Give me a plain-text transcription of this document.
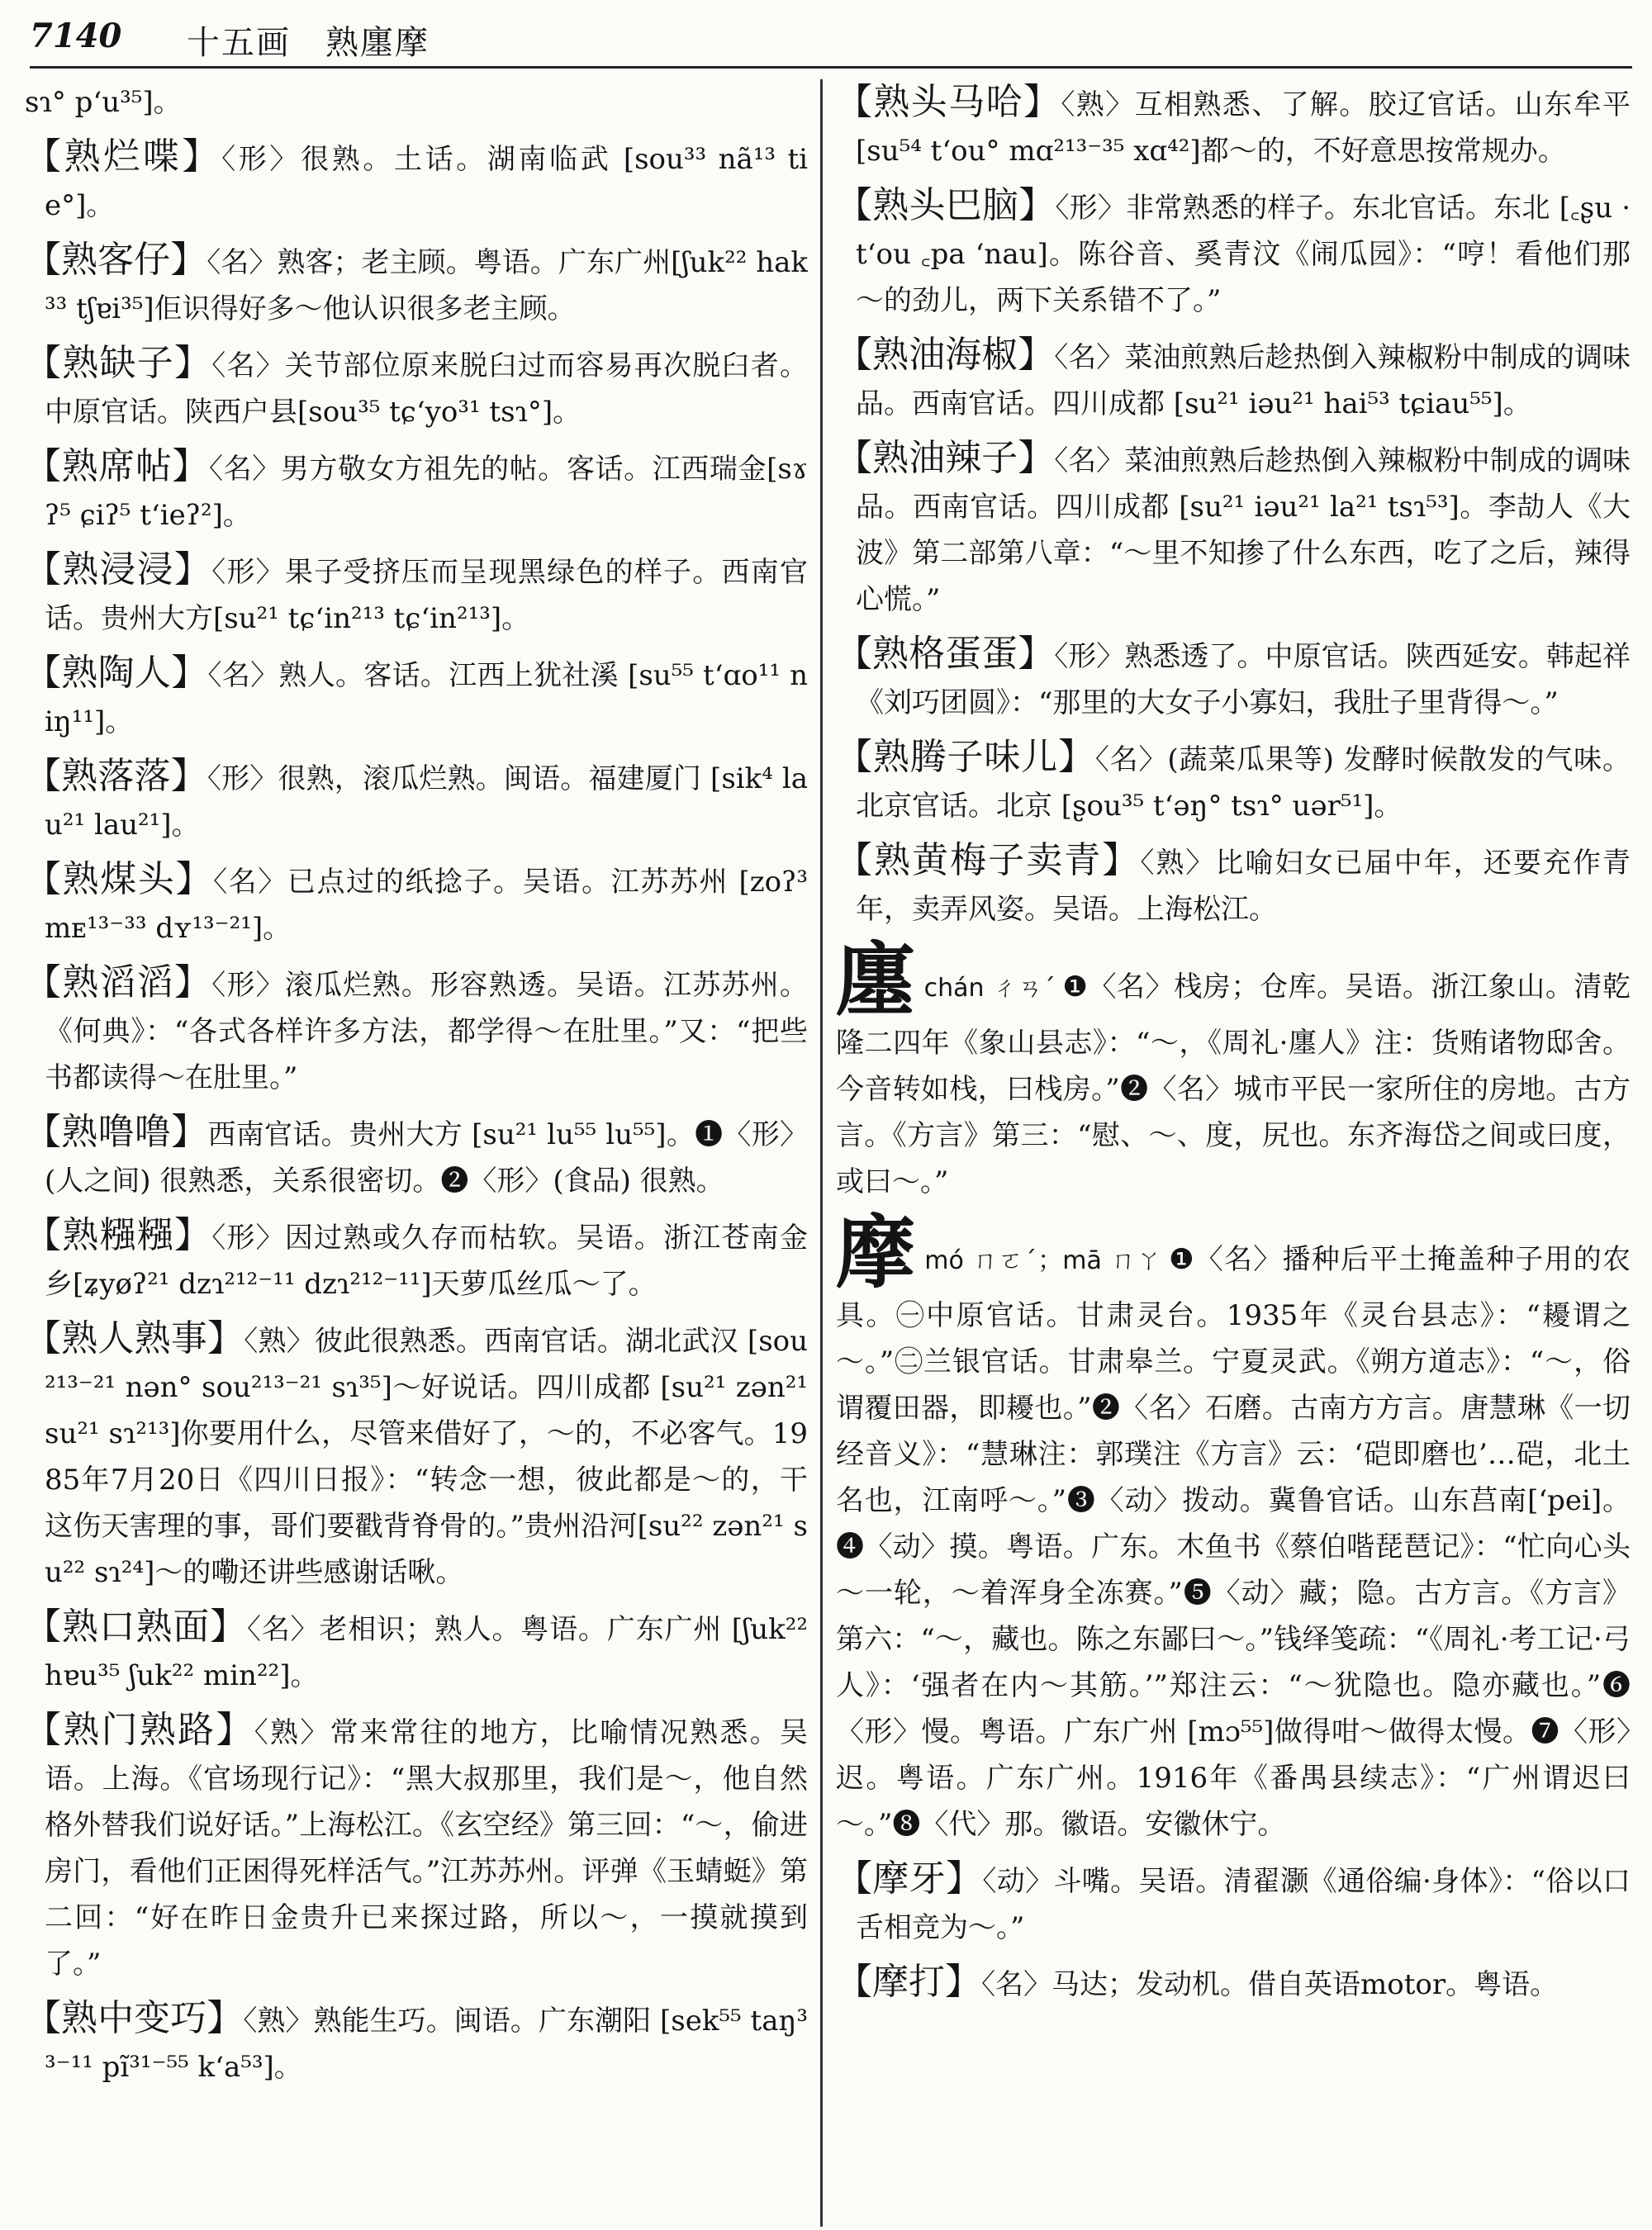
7140 十五画　熟廛摩
sɿ° p‘u³⁵]。
【熟烂喋】〈形〉很熟。土话。湖南临武 [sou³³ nã¹³ tie°]。
【熟客仔】〈名〉熟客；老主顾。粤语。广东广州[ʃuk²² hak³³ tʃɐi³⁵]佢识得好多～他认识很多老主顾。
【熟缺子】〈名〉关节部位原来脱臼过而容易再次脱臼者。中原官话。陕西户县[sou³⁵ tɕ‘yo³¹ tsɿ°]。
【熟席帖】〈名〉男方敬女方祖先的帖。客话。江西瑞金[sɤʔ⁵ ɕiʔ⁵ t‘ieʔ²]。
【熟浸浸】〈形〉果子受挤压而呈现黑绿色的样子。西南官话。贵州大方[su²¹ tɕ‘in²¹³ tɕ‘in²¹³]。
【熟陶人】〈名〉熟人。客话。江西上犹社溪 [su⁵⁵ t‘ɑo¹¹ niŋ¹¹]。
【熟落落】〈形〉很熟，滚瓜烂熟。闽语。福建厦门 [sik⁴ lau²¹ lau²¹]。
【熟煤头】〈名〉已点过的纸捻子。吴语。江苏苏州 [zoʔ³ mᴇ¹³⁻³³ dʏ¹³⁻²¹]。
【熟滔滔】〈形〉滚瓜烂熟。形容熟透。吴语。江苏苏州。《何典》：“各式各样许多方法，都学得～在肚里。”又：“把些书都读得～在肚里。”
【熟噜噜】西南官话。贵州大方 [su²¹ lu⁵⁵ lu⁵⁵]。❶〈形〉(人之间) 很熟悉，关系很密切。❷〈形〉(食品) 很熟。
【熟糨糨】〈形〉因过熟或久存而枯软。吴语。浙江苍南金乡[ʑyøʔ²¹ dzɿ²¹²⁻¹¹ dzɿ²¹²⁻¹¹]天萝瓜丝瓜～了。
【熟人熟事】〈熟〉彼此很熟悉。西南官话。湖北武汉 [sou²¹³⁻²¹ nən° sou²¹³⁻²¹ sɿ³⁵]～好说话。四川成都 [su²¹ zən²¹ su²¹ sɿ²¹³]你要用什么，尽管来借好了，～的，不必客气。1985年7月20日《四川日报》：“转念一想，彼此都是～的，干这伤天害理的事，哥们要戳背脊骨的。”贵州沿河[su²² zən²¹ su²² sɿ²⁴]～的嘞还讲些感谢话啾。
【熟口熟面】〈名〉老相识；熟人。粤语。广东广州 [ʃuk²² hɐu³⁵ ʃuk²² min²²]。
【熟门熟路】〈熟〉常来常往的地方，比喻情况熟悉。吴语。上海。《官场现行记》：“黑大叔那里，我们是～，他自然格外替我们说好话。”上海松江。《玄空经》第三回：“～，偷进房门，看他们正困得死样活气。”江苏苏州。评弹《玉蜻蜓》第二回：“好在昨日金贵升已来探过路，所以～，一摸就摸到了。”
【熟中变巧】〈熟〉熟能生巧。闽语。广东潮阳 [sek⁵⁵ taŋ³³⁻¹¹ pĩ³¹⁻⁵⁵ k‘a⁵³]。
【熟头马哈】〈熟〉互相熟悉、了解。胶辽官话。山东牟平 [su⁵⁴ t‘ou° mɑ²¹³⁻³⁵ xɑ⁴²]都～的，不好意思按常规办。
【熟头巴脑】〈形〉非常熟悉的样子。东北官话。东北 [꜀ʂu ·t‘ou ꜀pa ‘nau]。陈谷音、奚青汶《闹瓜园》：“哼！看他们那～的劲儿，两下关系错不了。”
【熟油海椒】〈名〉菜油煎熟后趁热倒入辣椒粉中制成的调味品。西南官话。四川成都 [su²¹ iəu²¹ hai⁵³ tɕiau⁵⁵]。
【熟油辣子】〈名〉菜油煎熟后趁热倒入辣椒粉中制成的调味品。西南官话。四川成都 [su²¹ iəu²¹ la²¹ tsɿ⁵³]。李劼人《大波》第二部第八章：“～里不知掺了什么东西，吃了之后，辣得心慌。”
【熟格蛋蛋】〈形〉熟悉透了。中原官话。陕西延安。韩起祥《刘巧团圆》：“那里的大女子小寡妇，我肚子里背得～。”
【熟腾子味儿】〈名〉(蔬菜瓜果等) 发酵时候散发的气味。北京官话。北京 [ʂou³⁵ t‘əŋ° tsɿ° uər⁵¹]。
【熟黄梅子卖青】〈熟〉比喻妇女已届中年，还要充作青年，卖弄风姿。吴语。上海松江。
廛chán ㄔㄢˊ ❶〈名〉栈房；仓库。吴语。浙江象山。清乾隆二四年《象山县志》：“～，《周礼·廛人》注：货贿诸物邸舍。今音转如栈，曰栈房。”❷〈名〉城市平民一家所住的房地。古方言。《方言》第三：“慰、～、度，尻也。东齐海岱之间或曰度，或曰～。”
摩mó ㄇㄛˊ；mā ㄇㄚ ❶〈名〉播种后平土掩盖种子用的农具。㊀中原官话。甘肃灵台。1935年《灵台县志》：“耰谓之～。”㊁兰银官话。甘肃皋兰。宁夏灵武。《朔方道志》：“～，俗谓覆田器，即耰也。”❷〈名〉石磨。古南方方言。唐慧琳《一切经音义》：“慧琳注：郭璞注《方言》云：‘硙即磨也’…硙，北土名也，江南呼～。”❸〈动〉拨动。冀鲁官话。山东莒南[‘pei]。❹〈动〉摸。粤语。广东。木鱼书《蔡伯喈琵琶记》：“忙向心头～一轮，～着浑身全冻赛。”❺〈动〉藏；隐。古方言。《方言》第六：“～，藏也。陈之东鄙曰～。”钱绎笺疏：“《周礼·考工记·弓人》：‘强者在内～其筋。’”郑注云：“～犹隐也。隐亦藏也。”❻〈形〉慢。粤语。广东广州 [mɔ⁵⁵]做得咁～做得太慢。❼〈形〉迟。粤语。广东广州。1916年《番禺县续志》：“广州谓迟曰～。”❽〈代〉那。徽语。安徽休宁。
【摩牙】〈动〉斗嘴。吴语。清翟灏《通俗编·身体》：“俗以口舌相竞为～。”
【摩打】〈名〉马达；发动机。借自英语motor。粤语。
